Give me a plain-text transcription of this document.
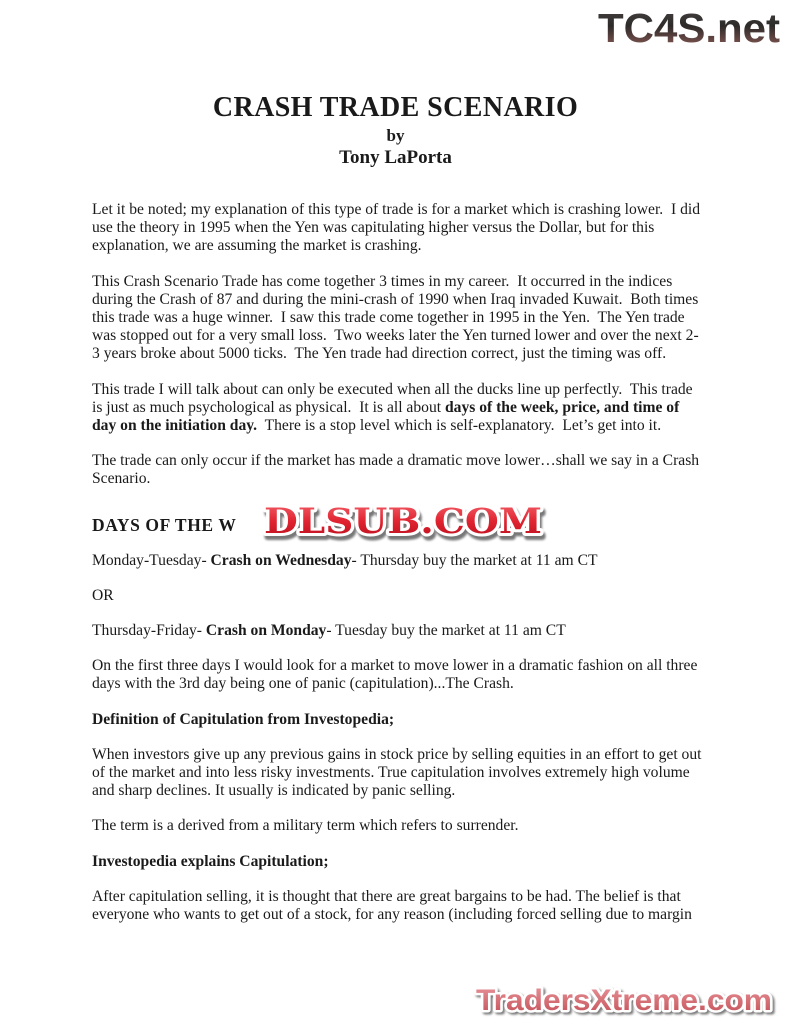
TC4S.net
CRASH TRADE SCENARIO
by
Tony LaPorta

Let it be noted; my explanation of this type of trade is for a market which is crashing lower.  I did use the theory in 1995 when the Yen was capitulating higher versus the Dollar, but for this explanation, we are assuming the market is crashing.

This Crash Scenario Trade has come together 3 times in my career.  It occurred in the indices during the Crash of 87 and during the mini-crash of 1990 when Iraq invaded Kuwait.  Both times this trade was a huge winner.  I saw this trade come together in 1995 in the Yen.  The Yen trade was stopped out for a very small loss.  Two weeks later the Yen turned lower and over the next 2-3 years broke about 5000 ticks.  The Yen trade had direction correct, just the timing was off.

This trade I will talk about can only be executed when all the ducks line up perfectly.  This trade is just as much psychological as physical.  It is all about days of the week, price, and time of day on the initiation day.  There is a stop level which is self-explanatory.  Let’s get into it.

The trade can only occur if the market has made a dramatic move lower…shall we say in a Crash Scenario.

DAYS OF THE W DLSUB.COM

Monday-Tuesday- Crash on Wednesday- Thursday buy the market at 11 am CT

OR

Thursday-Friday- Crash on Monday- Tuesday buy the market at 11 am CT

On the first three days I would look for a market to move lower in a dramatic fashion on all three days with the 3rd day being one of panic (capitulation)...The Crash.

Definition of Capitulation from Investopedia;

When investors give up any previous gains in stock price by selling equities in an effort to get out of the market and into less risky investments. True capitulation involves extremely high volume and sharp declines. It usually is indicated by panic selling.

The term is a derived from a military term which refers to surrender.

Investopedia explains Capitulation;

After capitulation selling, it is thought that there are great bargains to be had. The belief is that everyone who wants to get out of a stock, for any reason (including forced selling due to margin

TradersXtreme.com
